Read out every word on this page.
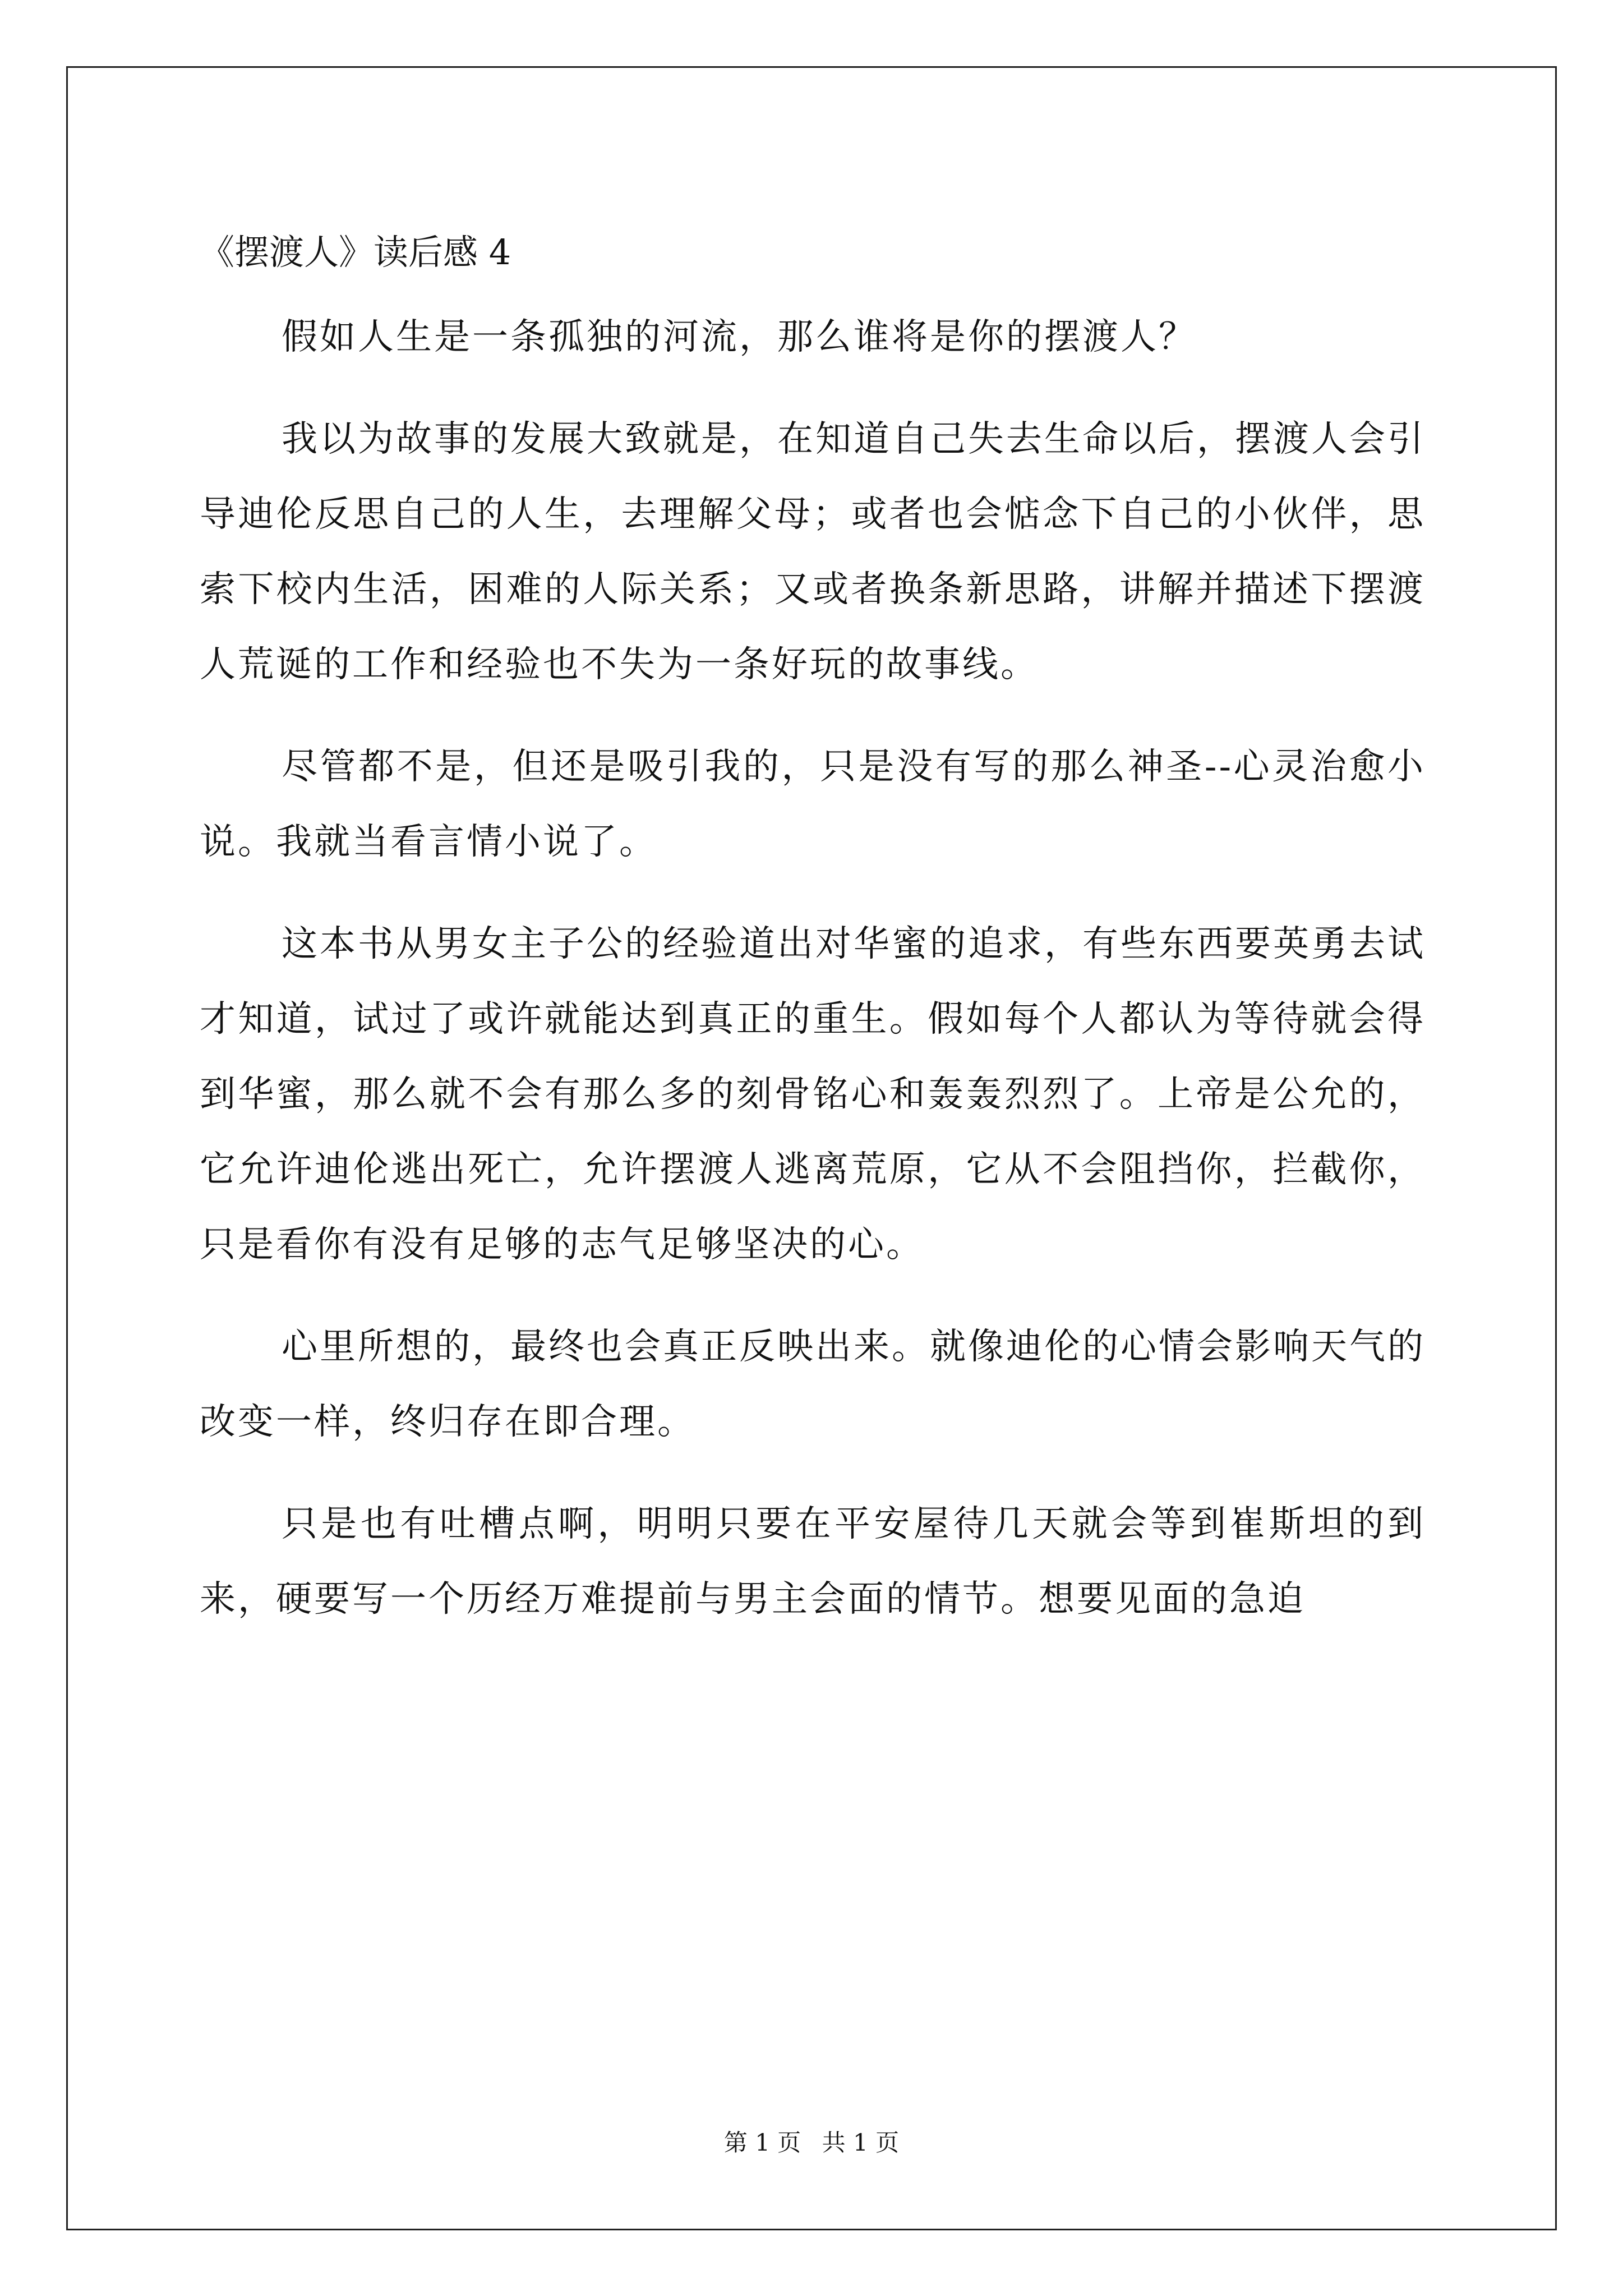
《摆渡人》读后感 4

假如人生是一条孤独的河流，那么谁将是你的摆渡人？

我以为故事的发展大致就是，在知道自己失去生命以后，摆渡人会引导迪伦反思自己的人生，去理解父母；或者也会惦念下自己的小伙伴，思索下校内生活，困难的人际关系；又或者换条新思路，讲解并描述下摆渡人荒诞的工作和经验也不失为一条好玩的故事线。

尽管都不是，但还是吸引我的，只是没有写的那么神圣--心灵治愈小说。我就当看言情小说了。

这本书从男女主子公的经验道出对华蜜的追求，有些东西要英勇去试才知道，试过了或许就能达到真正的重生。假如每个人都认为等待就会得到华蜜，那么就不会有那么多的刻骨铭心和轰轰烈烈了。上帝是公允的，它允许迪伦逃出死亡，允许摆渡人逃离荒原，它从不会阻挡你，拦截你，只是看你有没有足够的志气足够坚决的心。

心里所想的，最终也会真正反映出来。就像迪伦的心情会影响天气的改变一样，终归存在即合理。

只是也有吐槽点啊，明明只要在平安屋待几天就会等到崔斯坦的到来，硬要写一个历经万难提前与男主会面的情节。想要见面的急迫

第 1 页 共 1 页
